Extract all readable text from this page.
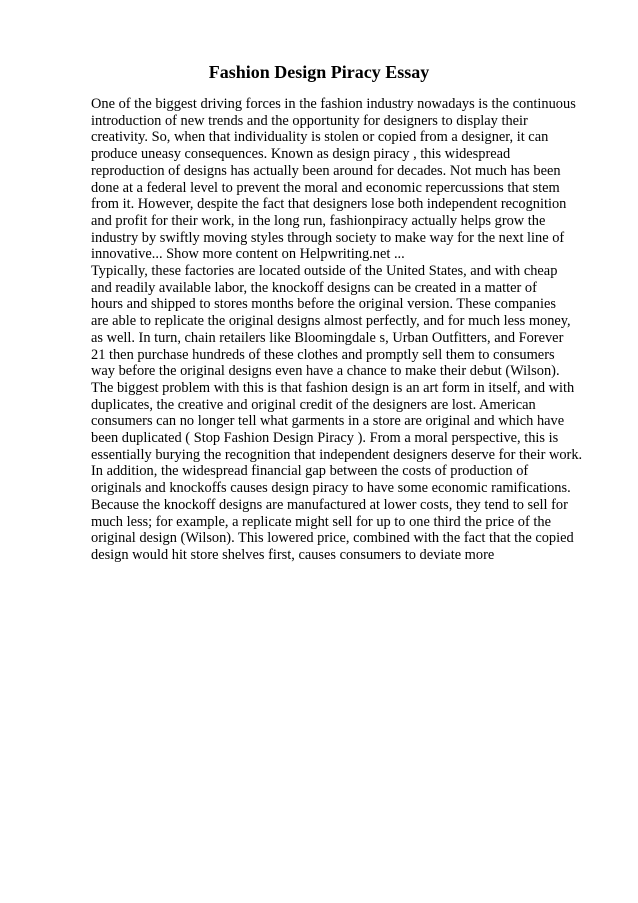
Fashion Design Piracy Essay
One of the biggest driving forces in the fashion industry nowadays is the continuous
introduction of new trends and the opportunity for designers to display their
creativity. So, when that individuality is stolen or copied from a designer, it can
produce uneasy consequences. Known as design piracy , this widespread
reproduction of designs has actually been around for decades. Not much has been
done at a federal level to prevent the moral and economic repercussions that stem
from it. However, despite the fact that designers lose both independent recognition
and profit for their work, in the long run, fashionpiracy actually helps grow the
industry by swiftly moving styles through society to make way for the next line of
innovative... Show more content on Helpwriting.net ...
Typically, these factories are located outside of the United States, and with cheap
and readily available labor, the knockoff designs can be created in a matter of
hours and shipped to stores months before the original version. These companies
are able to replicate the original designs almost perfectly, and for much less money,
as well. In turn, chain retailers like Bloomingdale s, Urban Outfitters, and Forever
21 then purchase hundreds of these clothes and promptly sell them to consumers
way before the original designs even have a chance to make their debut (Wilson).
The biggest problem with this is that fashion design is an art form in itself, and with
duplicates, the creative and original credit of the designers are lost. American
consumers can no longer tell what garments in a store are original and which have
been duplicated ( Stop Fashion Design Piracy ). From a moral perspective, this is
essentially burying the recognition that independent designers deserve for their work.
In addition, the widespread financial gap between the costs of production of
originals and knockoffs causes design piracy to have some economic ramifications.
Because the knockoff designs are manufactured at lower costs, they tend to sell for
much less; for example, a replicate might sell for up to one third the price of the
original design (Wilson). This lowered price, combined with the fact that the copied
design would hit store shelves first, causes consumers to deviate more
